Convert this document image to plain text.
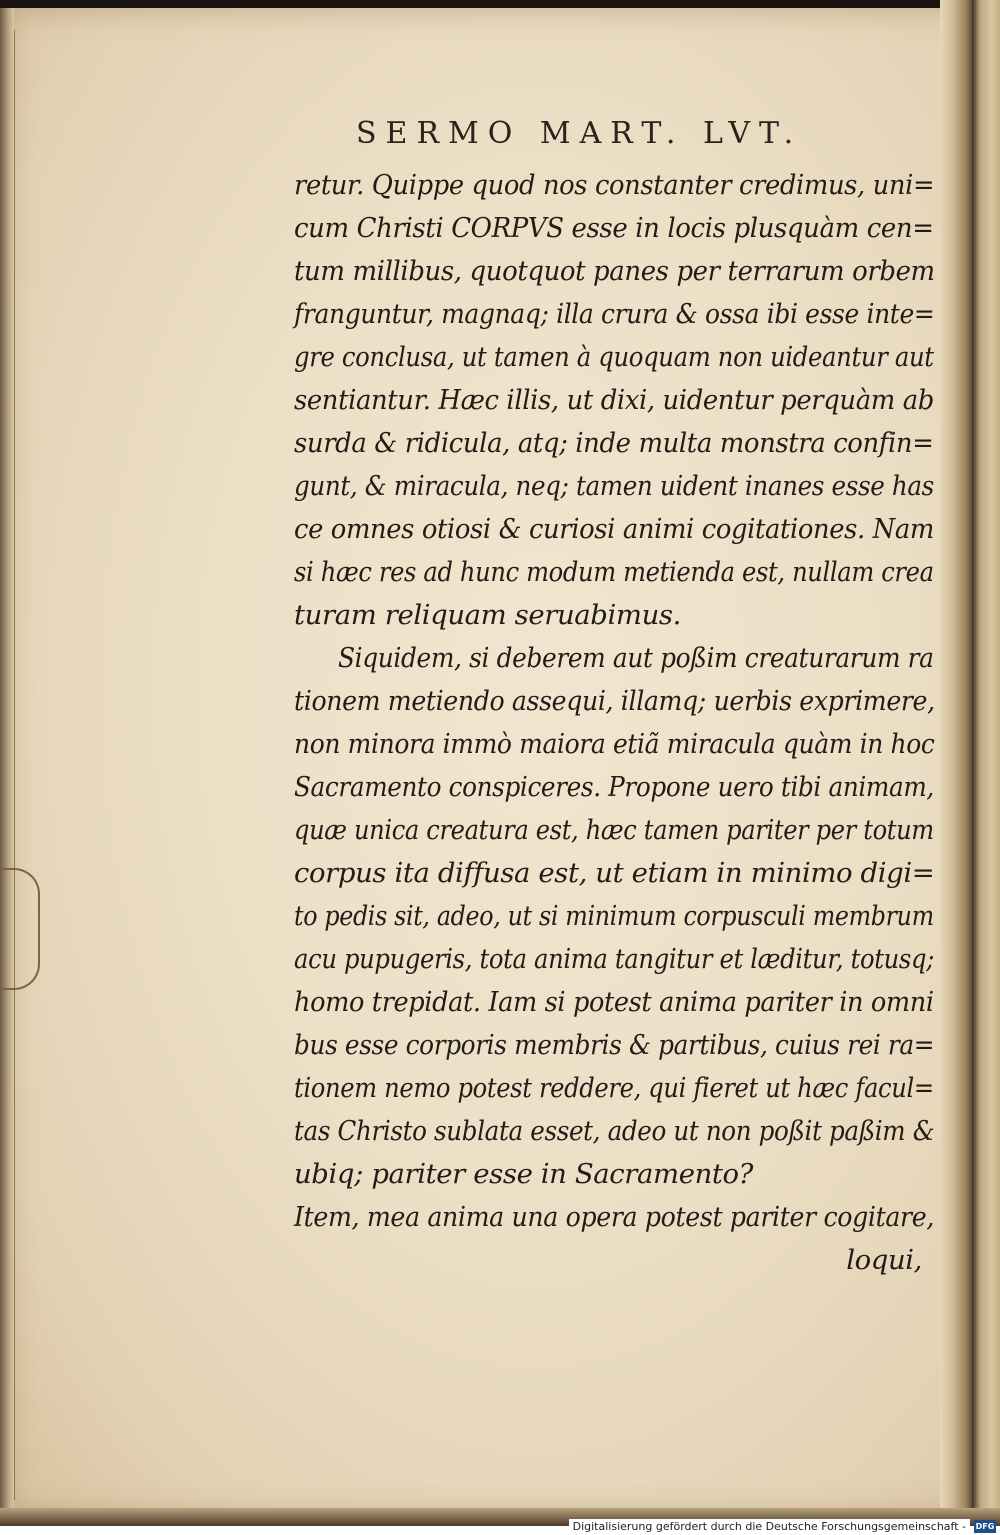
SERMO MART. LVT.
retur. Quippe quod nos constanter credimus, uni=
cum Christi CORPVS esse in locis plusquàm cen=
tum millibus, quotquot panes per terrarum orbem
franguntur, magnaq; illa crura & ossa ibi esse inte=
gre conclusa, ut tamen à quoquam non uideantur aut
sentiantur. Hæc illis, ut dixi, uidentur perquàm ab
surda & ridicula, atq; inde multa monstra confin=
gunt, & miracula, neq; tamen uident inanes esse has
ce omnes otiosi & curiosi animi cogitationes. Nam
si hæc res ad hunc modum metienda est, nullam crea
turam reliquam seruabimus.
Siquidem, si deberem aut poßim creaturarum ra
tionem metiendo assequi, illamq; uerbis exprimere,
non minora immò maiora etiã miracula quàm in hoc
Sacramento conspiceres. Propone uero tibi animam,
quæ unica creatura est, hæc tamen pariter per totum
corpus ita diffusa est, ut etiam in minimo digi=
to pedis sit, adeo, ut si minimum corpusculi membrum
acu pupugeris, tota anima tangitur et læditur, totusq;
homo trepidat. Iam si potest anima pariter in omni
bus esse corporis membris & partibus, cuius rei ra=
tionem nemo potest reddere, qui fieret ut hæc facul=
tas Christo sublata esset, adeo ut non poßit paßim &
ubiq; pariter esse in Sacramento?
Item, mea anima una opera potest pariter cogitare,
loqui,
Digitalisierung gefördert durch die Deutsche Forschungsgemeinschaft -	DFG
